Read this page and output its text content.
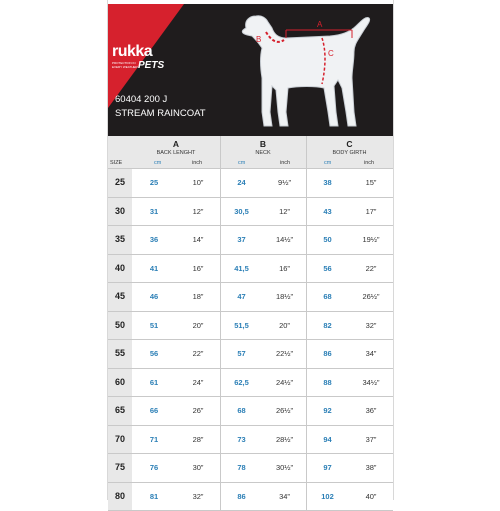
rukka
PROTECTION IN EVERY WEATHER PETS
60404 200 J
STREAM RAINCOAT
A
B
C
SIZE
A
BACK LENGHT
cm	inch
B
NECK
cm	inch
C
BODY GIRTH
cm	inch
25	25	10”	24	9½”	38	15”
30	31	12”	30,5	12”	43	17”
35	36	14”	37	14½”	50	19½”
40	41	16”	41,5	16”	56	22”
45	46	18”	47	18½”	68	26½”
50	51	20”	51,5	20”	82	32”
55	56	22”	57	22½”	86	34”
60	61	24”	62,5	24½”	88	34½”
65	66	26”	68	26½”	92	36”
70	71	28”	73	28½”	94	37”
75	76	30”	78	30½”	97	38”
80	81	32”	86	34”	102	40”
